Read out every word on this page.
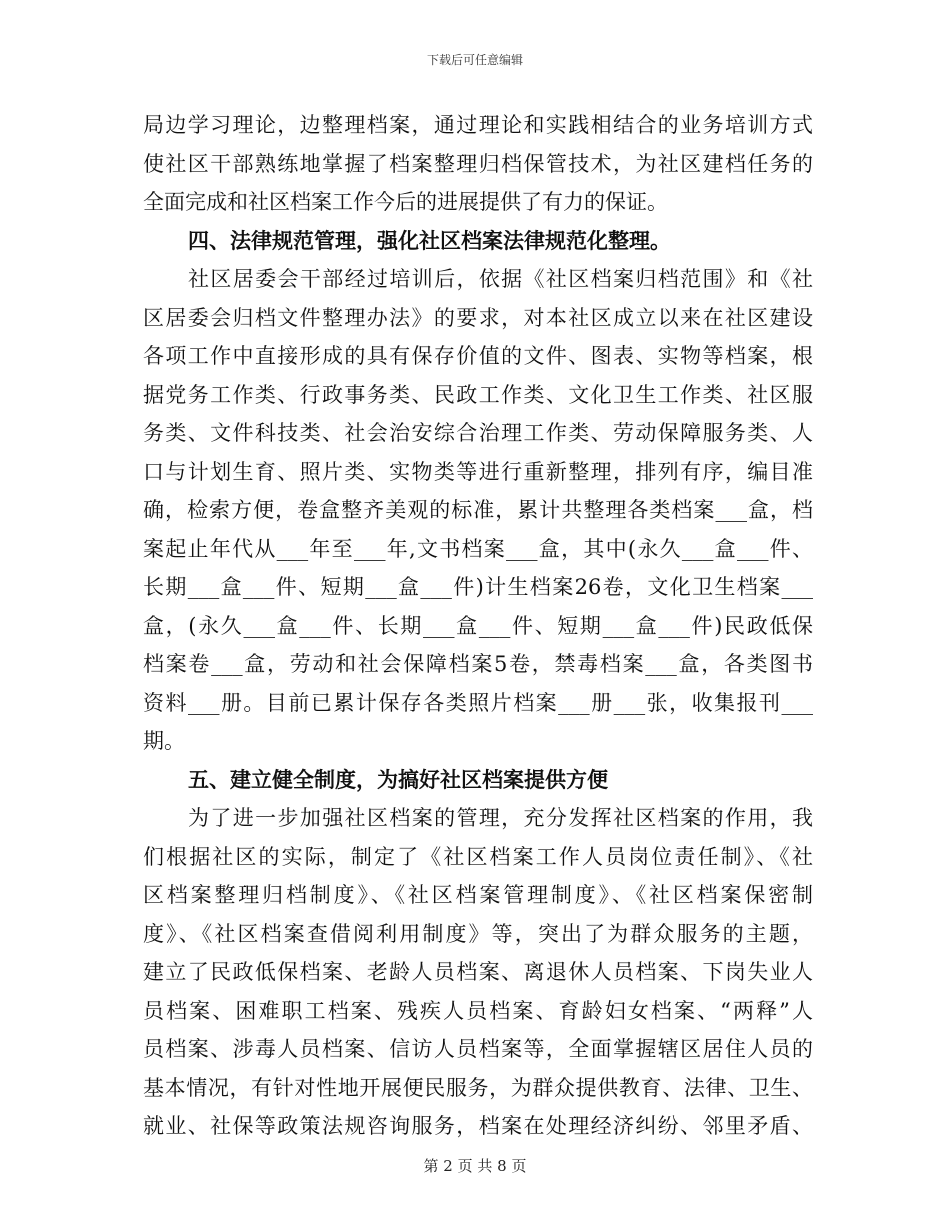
下载后可任意编辑
局边学习理论，边整理档案，通过理论和实践相结合的业务培训方式
使社区干部熟练地掌握了档案整理归档保管技术，为社区建档任务的
全面完成和社区档案工作今后的进展提供了有力的保证。
四、法律规范管理，强化社区档案法律规范化整理。
社区居委会干部经过培训后，依据《社区档案归档范围》和《社
区居委会归档文件整理办法》的要求，对本社区成立以来在社区建设
各项工作中直接形成的具有保存价值的文件、图表、实物等档案，根
据党务工作类、行政事务类、民政工作类、文化卫生工作类、社区服
务类、文件科技类、社会治安综合治理工作类、劳动保障服务类、人
口与计划生育、照片类、实物类等进行重新整理，排列有序，编目准
确，检索方便，卷盒整齐美观的标准，累计共整理各类档案___盒，档
案起止年代从___年至___年,文书档案___盒，其中(永久___盒___件、
长期___盒___件、短期___盒___件)计生档案26卷，文化卫生档案___
盒，(永久___盒___件、长期___盒___件、短期___盒___件)民政低保
档案卷___盒，劳动和社会保障档案5卷，禁毒档案___盒，各类图书
资料___册。目前已累计保存各类照片档案___册___张，收集报刊___
期。
五、建立健全制度，为搞好社区档案提供方便
为了进一步加强社区档案的管理，充分发挥社区档案的作用，我
们根据社区的实际，制定了《社区档案工作人员岗位责任制》、《社
区档案整理归档制度》、《社区档案管理制度》、《社区档案保密制
度》、《社区档案查借阅利用制度》等，突出了为群众服务的主题，
建立了民政低保档案、老龄人员档案、离退休人员档案、下岗失业人
员档案、困难职工档案、残疾人员档案、育龄妇女档案、“两释”人
员档案、涉毒人员档案、信访人员档案等，全面掌握辖区居住人员的
基本情况，有针对性地开展便民服务，为群众提供教育、法律、卫生、
就业、社保等政策法规咨询服务，档案在处理经济纠纷、邻里矛盾、
第 2 页 共 8 页
